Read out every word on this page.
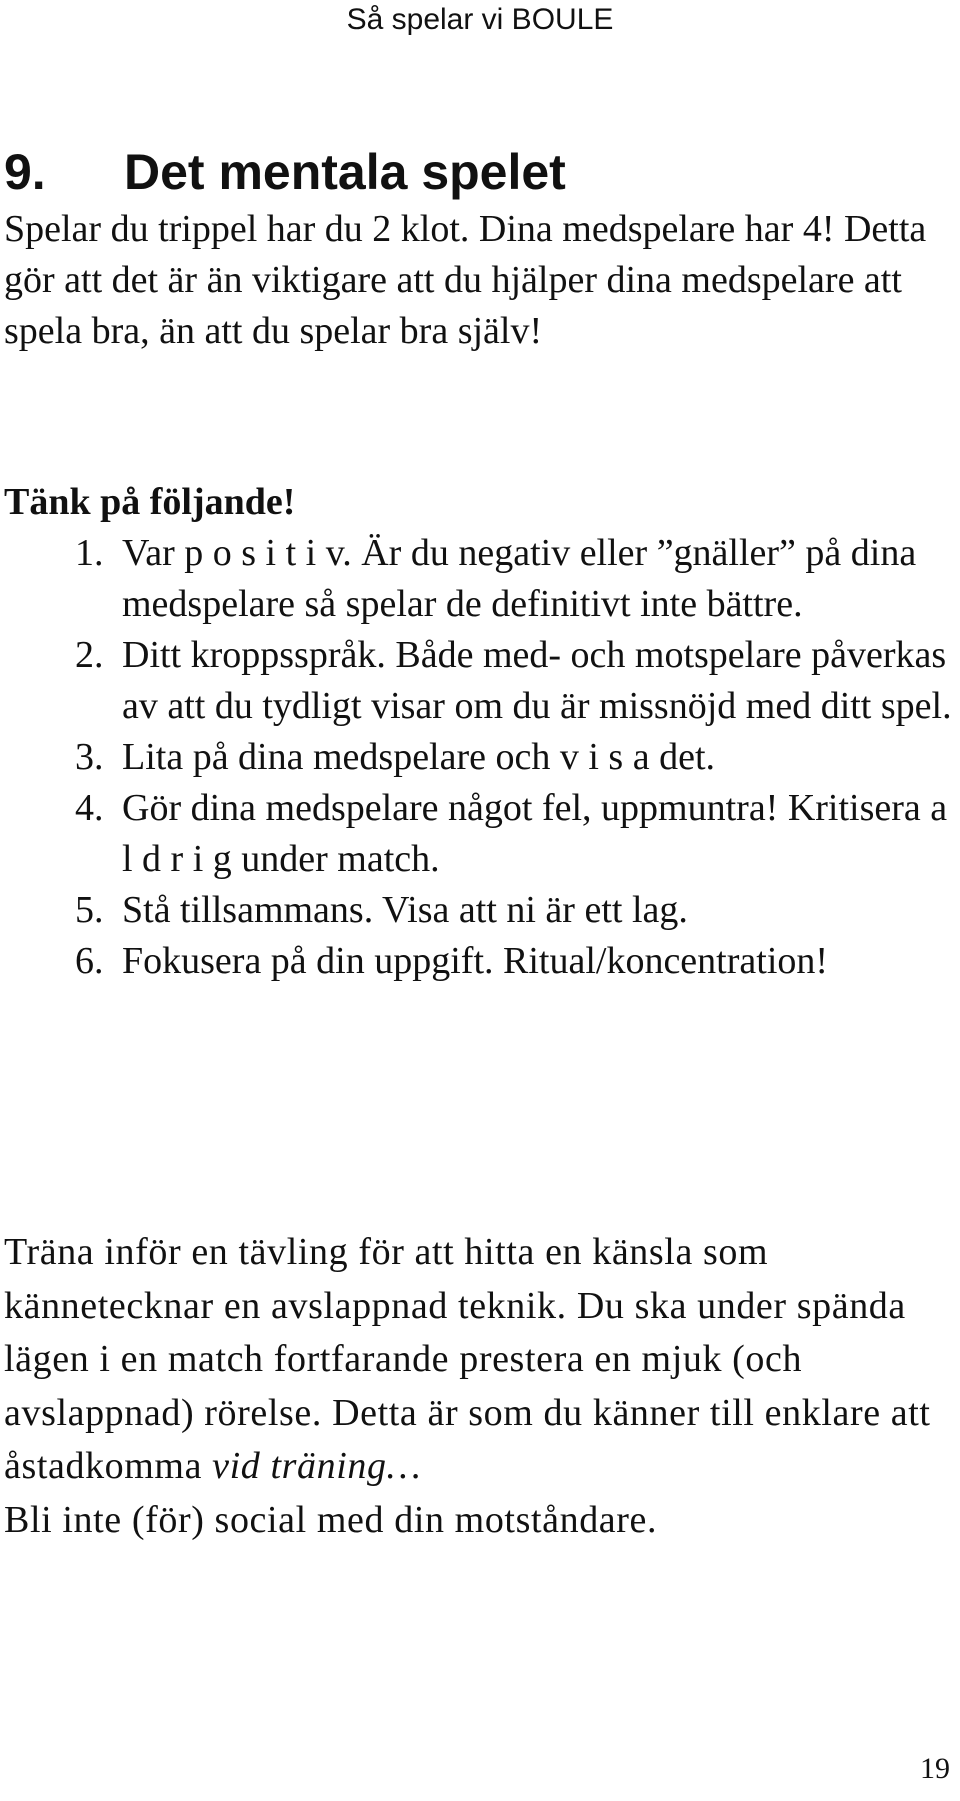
Så spelar vi BOULE
9. Det mentala spelet

Spelar du trippel har du 2 klot. Dina medspelare har 4! Detta gör att det är än viktigare att du hjälper dina medspelare att spela bra, än att du spelar bra själv!

Tänk på följande!

1. Var p o s i t i v. Är du negativ eller ”gnäller” på dina medspelare så spelar de definitivt inte bättre.
2. Ditt kroppsspråk. Både med- och motspelare påverkas av att du tydligt visar om du är missnöjd med ditt spel.
3. Lita på dina medspelare och v i s a det.
4. Gör dina medspelare något fel, uppmuntra! Kritisera a l d r i g under match.
5. Stå tillsammans. Visa att ni är ett lag.
6. Fokusera på din uppgift. Ritual/koncentration!

Träna inför en tävling för att hitta en känsla som kännetecknar en avslappnad teknik. Du ska under spända lägen i en match fortfarande prestera en mjuk (och avslappnad) rörelse. Detta är som du känner till enklare att åstadkomma vid träning…
Bli inte (för) social med din motståndare.

19
